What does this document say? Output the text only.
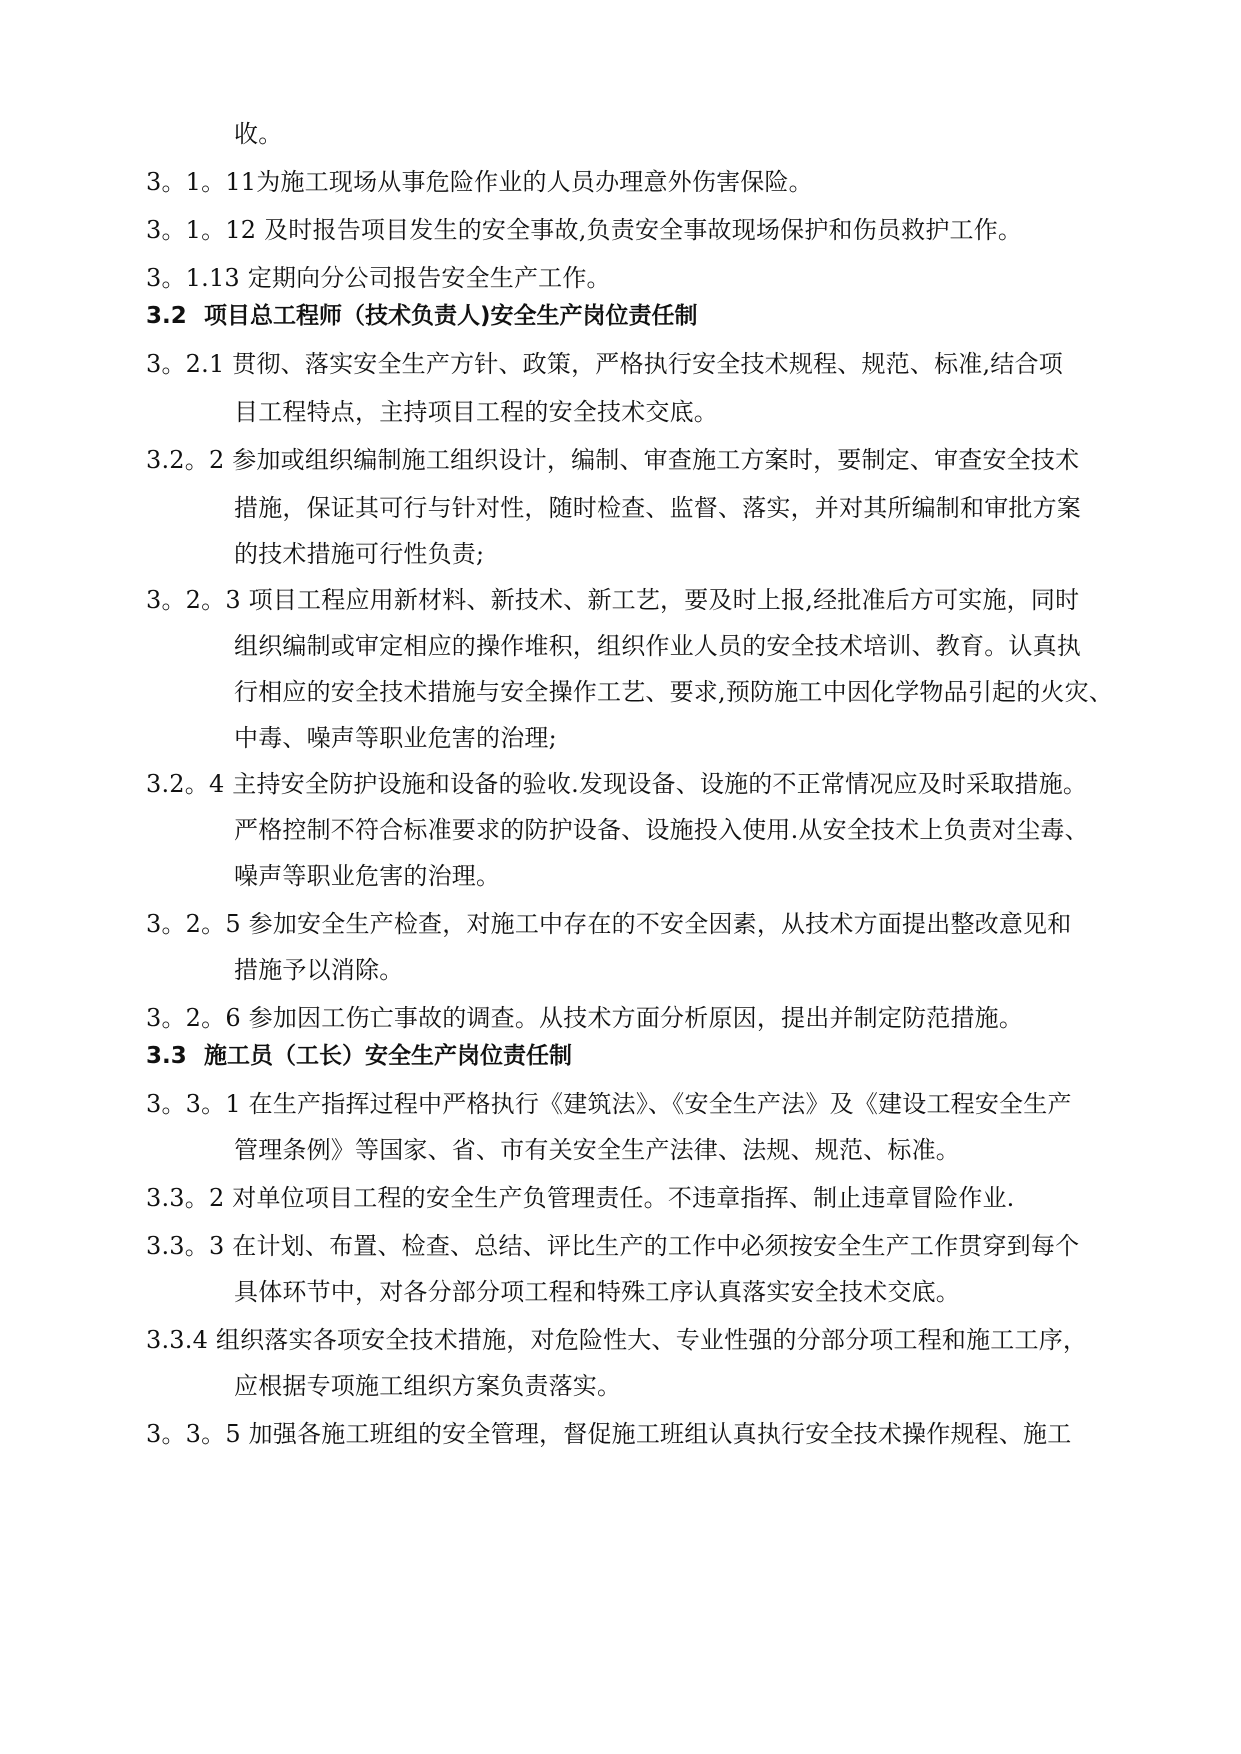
收。
3。1。11为施工现场从事危险作业的人员办理意外伤害保险。
3。1。12 及时报告项目发生的安全事故,负责安全事故现场保护和伤员救护工作。
3。1.13 定期向分公司报告安全生产工作。
3.2 项目总工程师（技术负责人)安全生产岗位责任制
3。2.1 贯彻、落实安全生产方针、政策，严格执行安全技术规程、规范、标准,结合项
目工程特点，主持项目工程的安全技术交底。
3.2。2 参加或组织编制施工组织设计，编制、审查施工方案时，要制定、审查安全技术
措施，保证其可行与针对性，随时检查、监督、落实，并对其所编制和审批方案
的技术措施可行性负责;
3。2。3 项目工程应用新材料、新技术、新工艺，要及时上报,经批准后方可实施，同时
组织编制或审定相应的操作堆积，组织作业人员的安全技术培训、教育。认真执
行相应的安全技术措施与安全操作工艺、要求,预防施工中因化学物品引起的火灾、
中毒、噪声等职业危害的治理;
3.2。4 主持安全防护设施和设备的验收.发现设备、设施的不正常情况应及时采取措施。
严格控制不符合标准要求的防护设备、设施投入使用.从安全技术上负责对尘毒、
噪声等职业危害的治理。
3。2。5 参加安全生产检查，对施工中存在的不安全因素，从技术方面提出整改意见和
措施予以消除。
3。2。6 参加因工伤亡事故的调查。从技术方面分析原因，提出并制定防范措施。
3.3 施工员（工长）安全生产岗位责任制
3。3。1 在生产指挥过程中严格执行《建筑法》、《安全生产法》及《建设工程安全生产
管理条例》等国家、省、市有关安全生产法律、法规、规范、标准。
3.3。2 对单位项目工程的安全生产负管理责任。不违章指挥、制止违章冒险作业.
3.3。3 在计划、布置、检查、总结、评比生产的工作中必须按安全生产工作贯穿到每个
具体环节中，对各分部分项工程和特殊工序认真落实安全技术交底。
3.3.4 组织落实各项安全技术措施，对危险性大、专业性强的分部分项工程和施工工序，
应根据专项施工组织方案负责落实。
3。3。5 加强各施工班组的安全管理，督促施工班组认真执行安全技术操作规程、施工
